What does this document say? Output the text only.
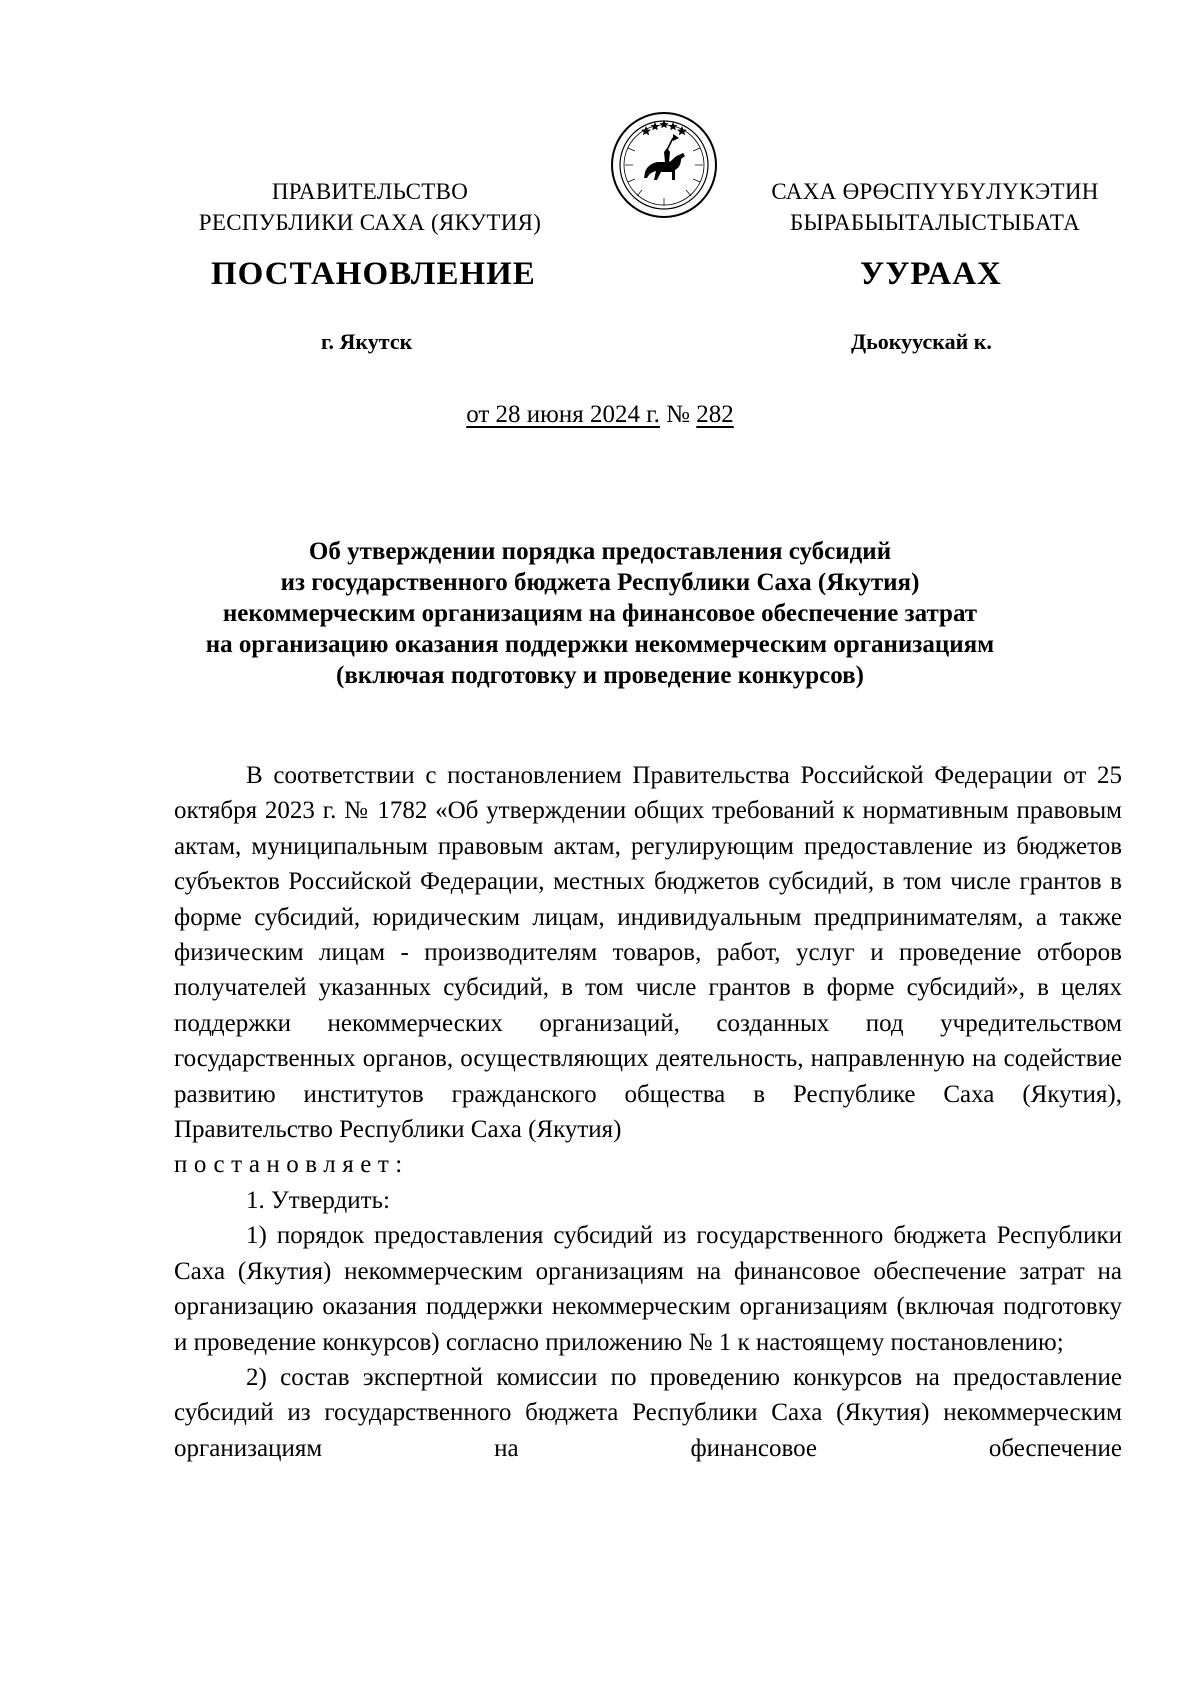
ПРАВИТЕЛЬСТВО
РЕСПУБЛИКИ САХА (ЯКУТИЯ)
САХА ӨРӨСПҮҮБҮЛҮКЭТИН
БЫРАБЫЫТАЛЫСТЫБАТА
ПОСТАНОВЛЕНИЕ	УУРААХ
г. Якутск	Дьокуускай к.
от 28 июня 2024 г. № 282
Об утверждении порядка предоставления субсидий
из государственного бюджета Республики Саха (Якутия)
некоммерческим организациям на финансовое обеспечение затрат
на организацию оказания поддержки некоммерческим организациям
(включая подготовку и проведение конкурсов)

В соответствии с постановлением Правительства Российской Федерации от 25 октября 2023 г. № 1782 «Об утверждении общих требований к нормативным правовым актам, муниципальным правовым актам, регулирующим предоставление из бюджетов субъектов Российской Федерации, местных бюджетов субсидий, в том числе грантов в форме субсидий, юридическим лицам, индивидуальным предпринимателям, а также физическим лицам - производителям товаров, работ, услуг и проведение отборов получателей указанных субсидий, в том числе грантов в форме субсидий», в целях поддержки некоммерческих организаций, созданных под учредительством государственных органов, осуществляющих деятельность, направленную на содействие развитию институтов гражданского общества в Республике Саха (Якутия), Правительство Республики Саха (Якутия)

постановляет:

1. Утвердить:

1) порядок предоставления субсидий из государственного бюджета Республики Саха (Якутия) некоммерческим организациям на финансовое обеспечение затрат на организацию оказания поддержки некоммерческим организациям (включая подготовку и проведение конкурсов) согласно приложению № 1 к настоящему постановлению;

2) состав экспертной комиссии по проведению конкурсов на предоставление субсидий из государственного бюджета Республики Саха (Якутия) некоммерческим организациям на финансовое обеспечение
